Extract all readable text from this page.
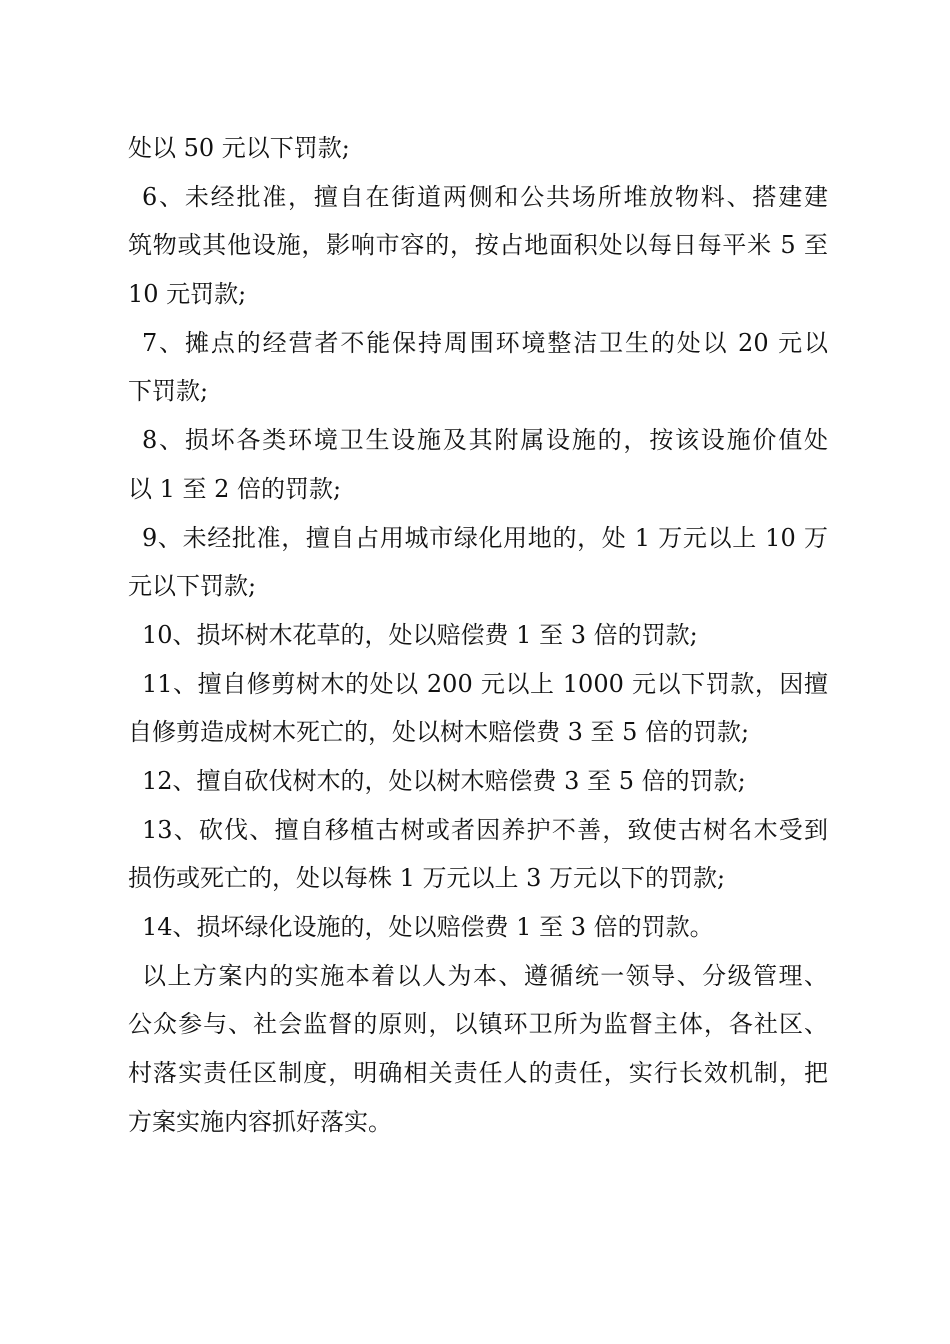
处以 50 元以下罚款;
6、未经批准，擅自在街道两侧和公共场所堆放物料、搭建建
筑物或其他设施，影响市容的，按占地面积处以每日每平米 5 至
10 元罚款;
7、摊点的经营者不能保持周围环境整洁卫生的处以 20 元以
下罚款;
8、损坏各类环境卫生设施及其附属设施的，按该设施价值处
以 1 至 2 倍的罚款;
9、未经批准，擅自占用城市绿化用地的，处 1 万元以上 10 万
元以下罚款;
10、损坏树木花草的，处以赔偿费 1 至 3 倍的罚款;
11、擅自修剪树木的处以 200 元以上 1000 元以下罚款，因擅
自修剪造成树木死亡的，处以树木赔偿费 3 至 5 倍的罚款;
12、擅自砍伐树木的，处以树木赔偿费 3 至 5 倍的罚款;
13、砍伐、擅自移植古树或者因养护不善，致使古树名木受到
损伤或死亡的，处以每株 1 万元以上 3 万元以下的罚款;
14、损坏绿化设施的，处以赔偿费 1 至 3 倍的罚款。
以上方案内的实施本着以人为本、遵循统一领导、分级管理、
公众参与、社会监督的原则，以镇环卫所为监督主体，各社区、
村落实责任区制度，明确相关责任人的责任，实行长效机制，把
方案实施内容抓好落实。
